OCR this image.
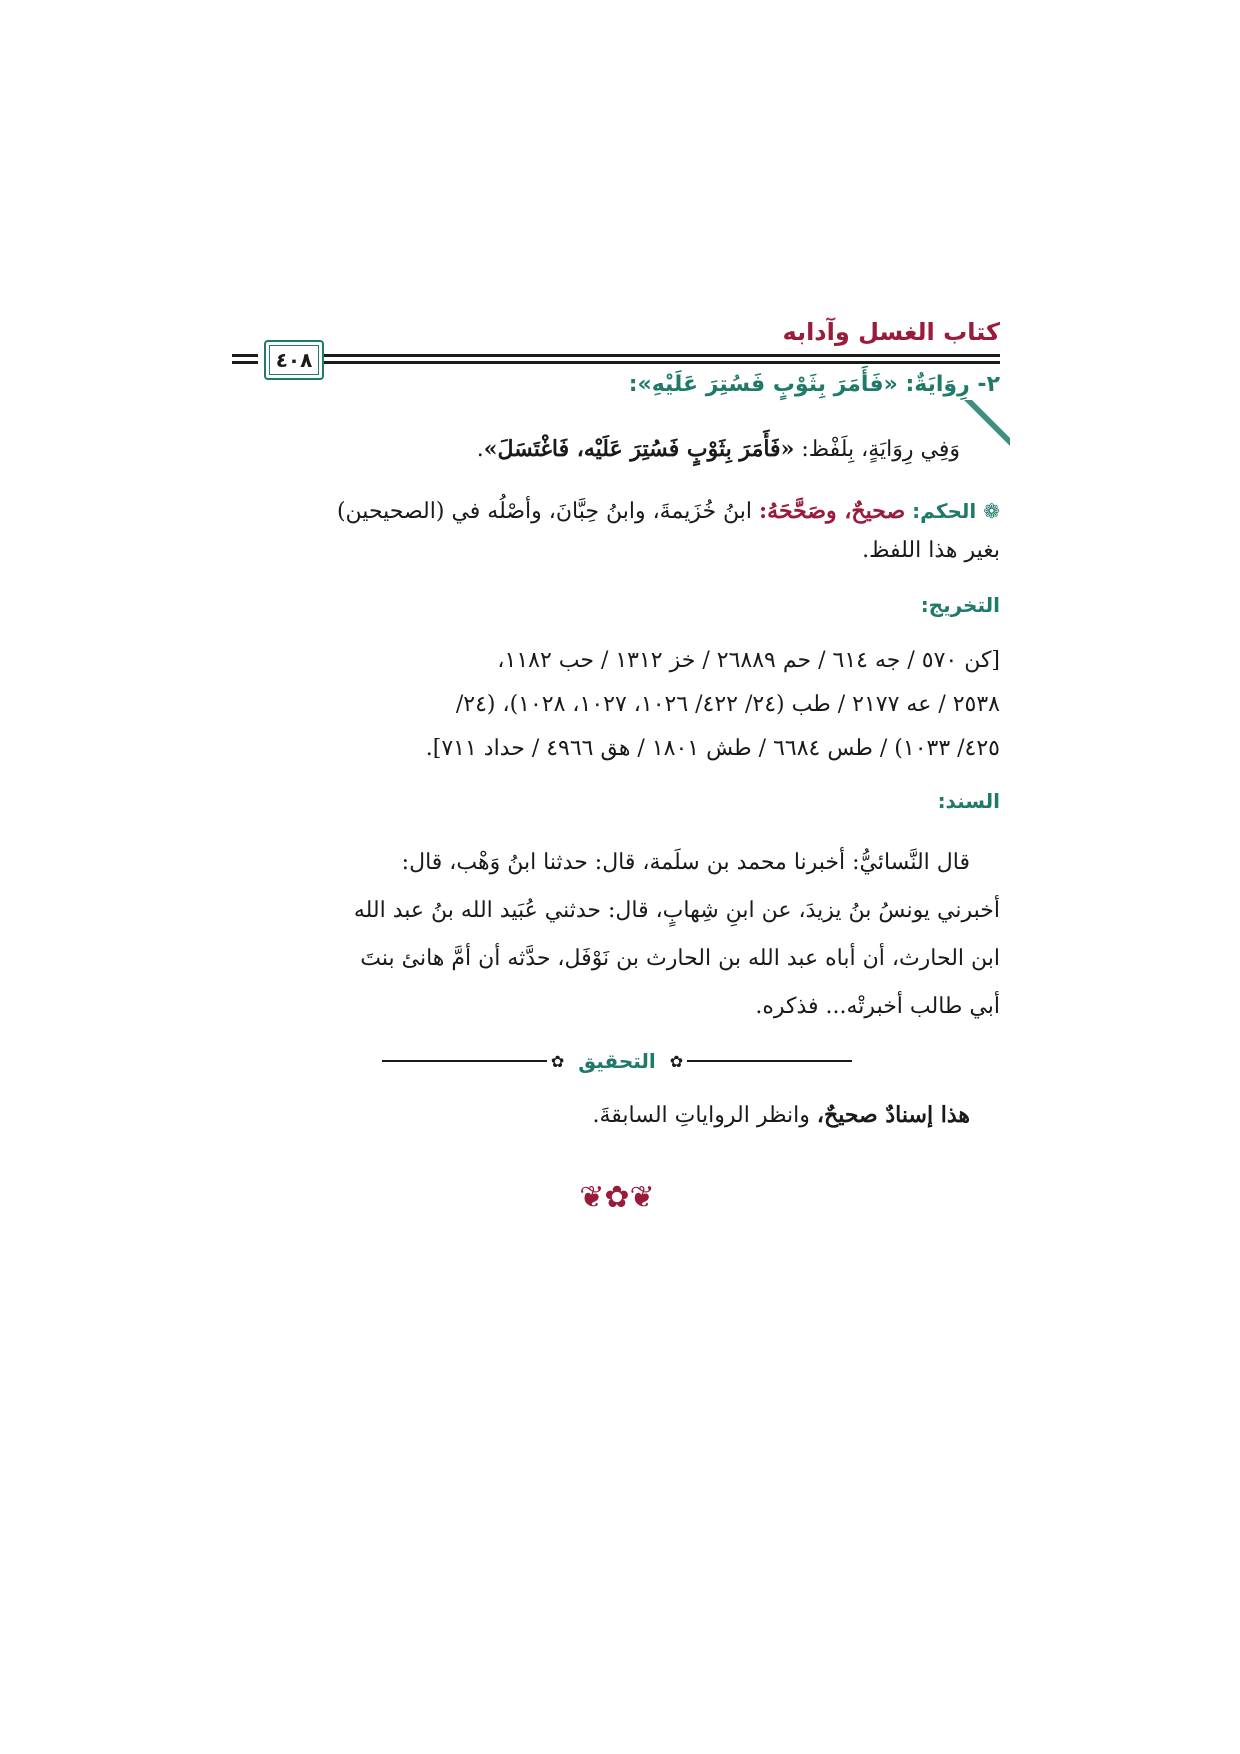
كتاب الغسل وآدابه
٤٠٨
٢- رِوَايَةٌ: «فَأَمَرَ بِثَوْبٍ فَسُتِرَ عَلَيْهِ»:
وَفِي رِوَايَةٍ، بِلَفْظ: «فَأَمَرَ بِثَوْبٍ فَسُتِرَ عَلَيْه، فَاغْتَسَلَ».
❁ الحكم: صحيحٌ، وصَحَّحَهُ: ابنُ خُزَيمةَ، وابنُ حِبَّانَ، وأصْلُه في (الصحيحين)
بغير هذا اللفظ.
التخريج:
[كن ٥٧٠ / جه ٦١٤ / حم ٢٦٨٨٩ / خز ١٣١٢ / حب ١١٨٢،
٢٥٣٨ / عه ٢١٧٧ / طب (٢٤/ ٤٢٢/ ١٠٢٦، ١٠٢٧، ١٠٢٨)، (٢٤/
٤٢٥/ ١٠٣٣) / طس ٦٦٨٤ / طش ١٨٠١ / هق ٤٩٦٦ / حداد ٧١١].
السند:
قال النَّسائيُّ: أخبرنا محمد بن سلَمة، قال: حدثنا ابنُ وَهْب، قال:
أخبرني يونسُ بنُ يزيدَ، عن ابنِ شِهابٍ، قال: حدثني عُبَيد الله بنُ عبد الله
ابن الحارث، أن أباه عبد الله بن الحارث بن نَوْفَل، حدَّثه أن أمَّ هانئ بنتَ
أبي طالب أخبرتْه... فذكره.
✿
التحقيق
✿
هذا إسنادٌ صحيحٌ، وانظر الرواياتِ السابقةَ.
❦✿❦
